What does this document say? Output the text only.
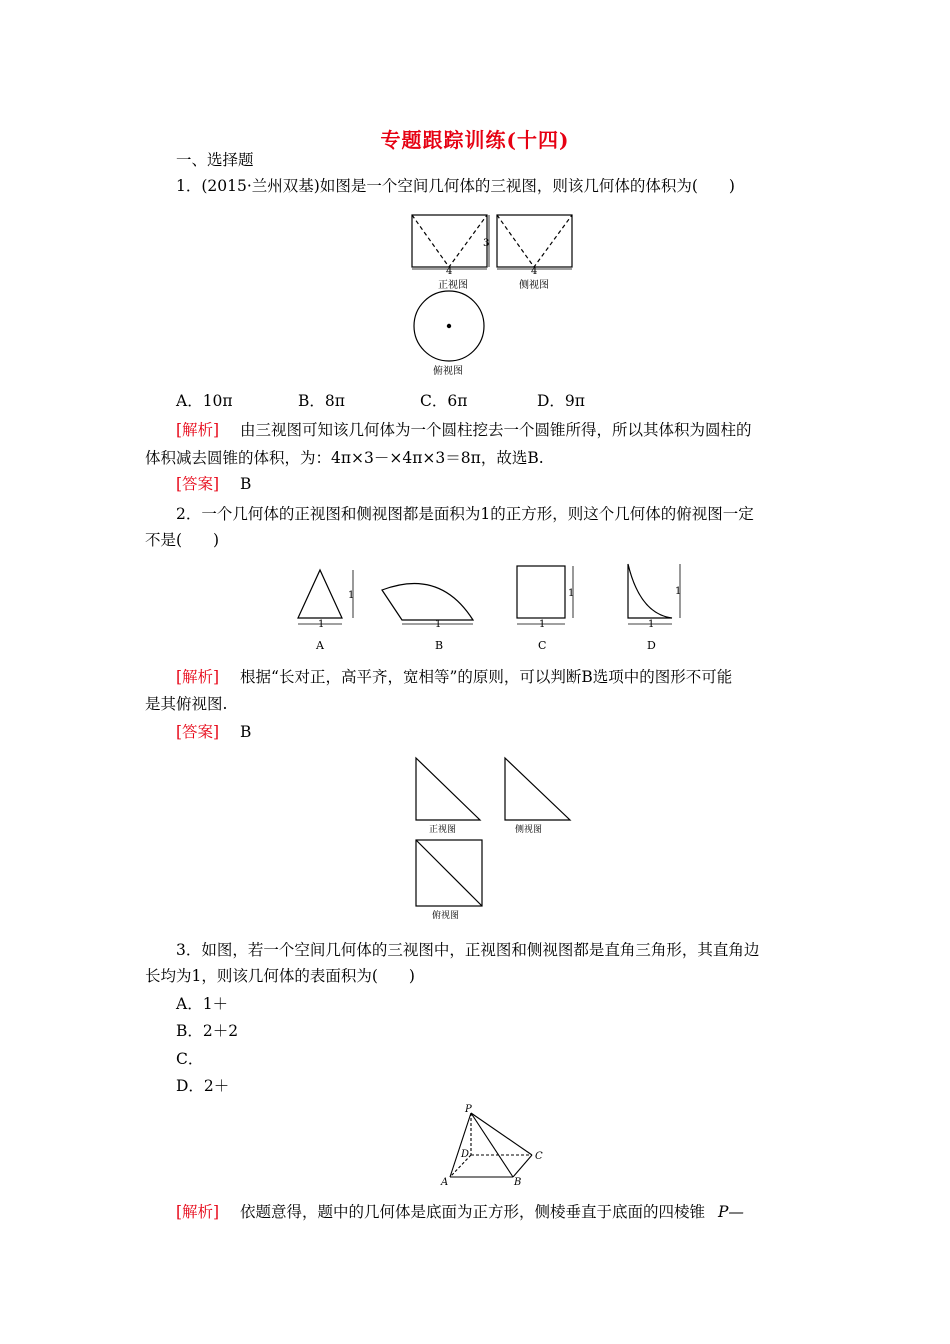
专题跟踪训练(十四)
一、选择题
1．(2015·兰州双基)如图是一个空间几何体的三视图，则该几何体的体积为(　　)
3
4	4
正视图	侧视图
俯视图
A．10π	B．8π	C．6π	D．9π
[解析] 由三视图可知该几何体为一个圆柱挖去一个圆锥所得，所以其体积为圆柱的
体积减去圆锥的体积，为：4π×3－×4π×3＝8π，故选B.
[答案] B
2．一个几何体的正视图和侧视图都是面积为1的正方形，则这个几何体的俯视图一定
不是(　　)
1
1	1
1
1
1
1
A	B	C	D
[解析] 根据“长对正，高平齐，宽相等”的原则，可以判断B选项中的图形不可能
是其俯视图.
[答案] B
正视图	侧视图
俯视图
3．如图，若一个空间几何体的三视图中，正视图和侧视图都是直角三角形，其直角边
长均为1，则该几何体的表面积为(　　)
A．1＋
B．2＋2
C．
D．2＋
P
D
A	B
C
[解析] 依题意得，题中的几何体是底面为正方形，侧棱垂直于底面的四棱锥 P—
